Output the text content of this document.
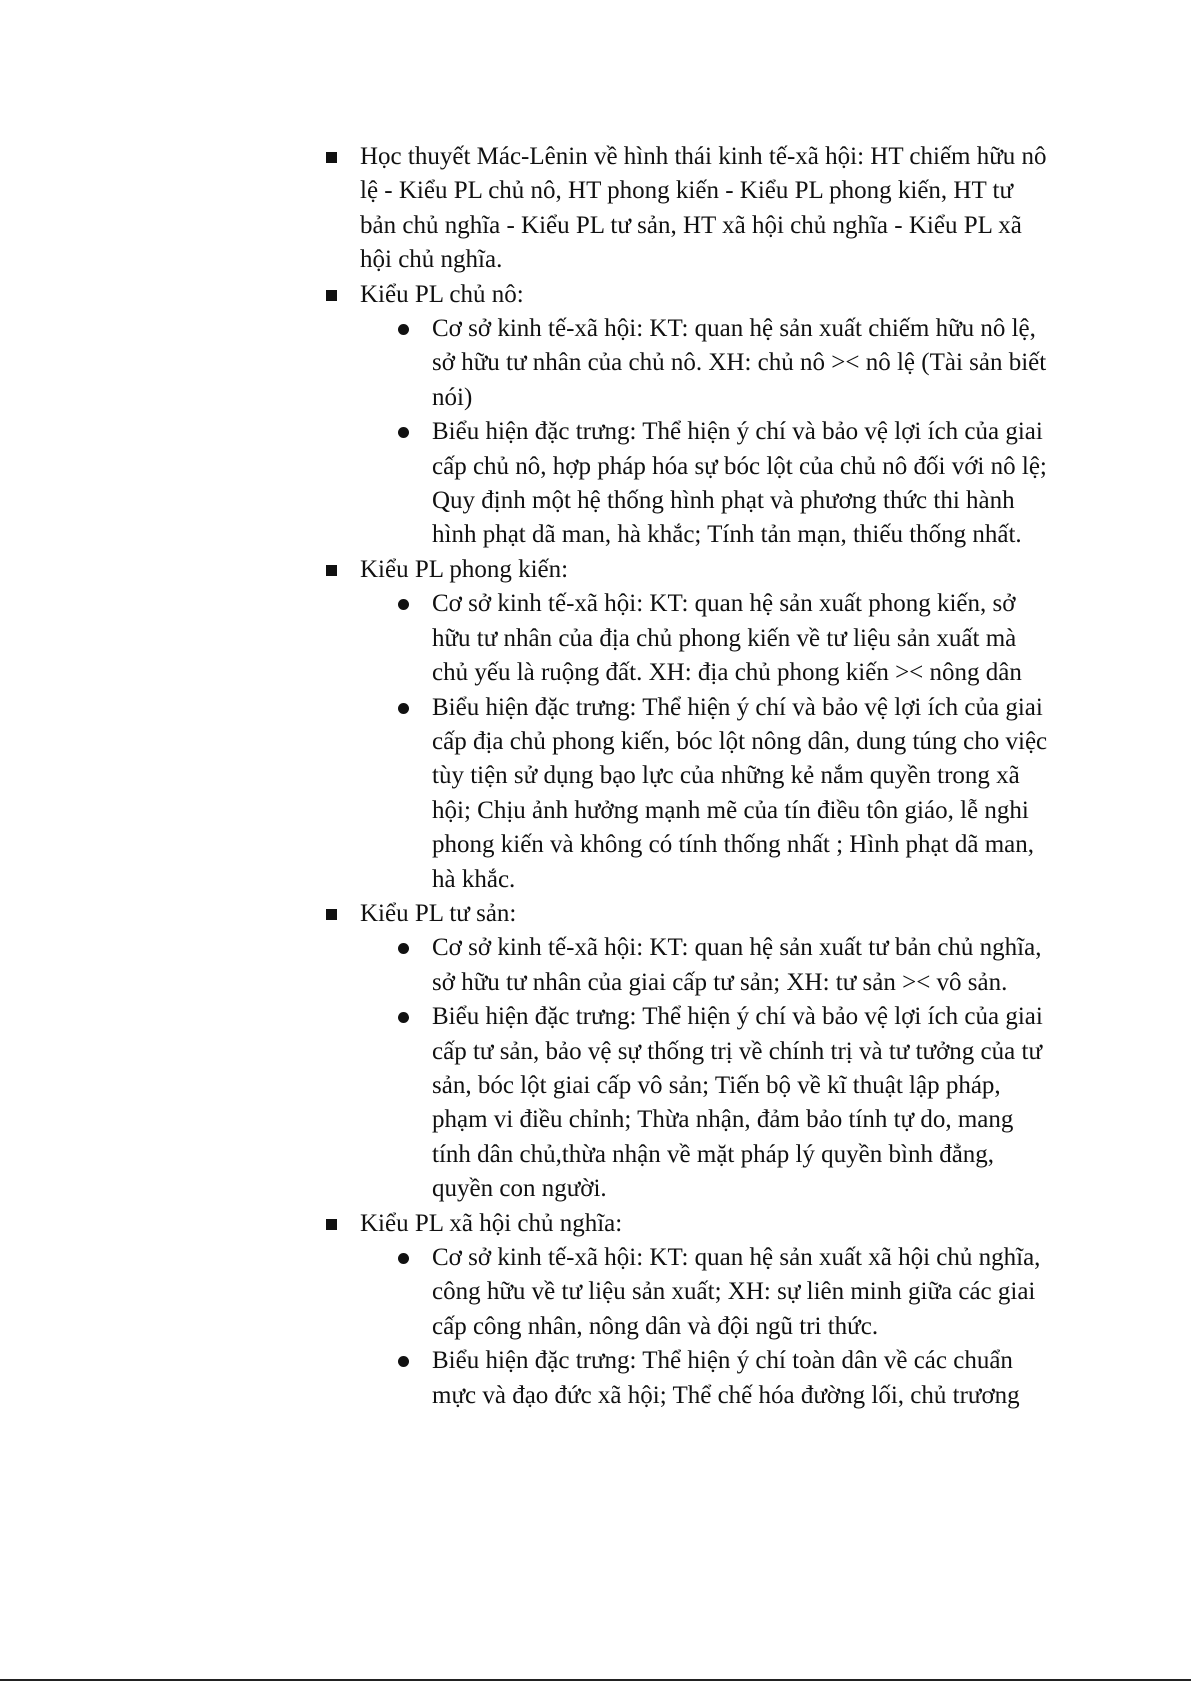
Học thuyết Mác-Lênin về hình thái kinh tế-xã hội: HT chiếm hữu nô lệ - Kiểu PL chủ nô, HT phong kiến - Kiểu PL phong kiến, HT tư bản chủ nghĩa - Kiểu PL tư sản, HT xã hội chủ nghĩa - Kiểu PL xã hội chủ nghĩa.
Kiểu PL chủ nô:
Cơ sở kinh tế-xã hội: KT: quan hệ sản xuất chiếm hữu nô lệ, sở hữu tư nhân của chủ nô. XH: chủ nô >< nô lệ (Tài sản biết nói)
Biểu hiện đặc trưng: Thể hiện ý chí và bảo vệ lợi ích của giai cấp chủ nô, hợp pháp hóa sự bóc lột của chủ nô đối với nô lệ; Quy định một hệ thống hình phạt và phương thức thi hành hình phạt dã man, hà khắc; Tính tản mạn, thiếu thống nhất.
Kiểu PL phong kiến:
Cơ sở kinh tế-xã hội: KT: quan hệ sản xuất phong kiến, sở hữu tư nhân của địa chủ phong kiến về tư liệu sản xuất mà chủ yếu là ruộng đất. XH: địa chủ phong kiến >< nông dân
Biểu hiện đặc trưng: Thể hiện ý chí và bảo vệ lợi ích của giai cấp địa chủ phong kiến, bóc lột nông dân, dung túng cho việc tùy tiện sử dụng bạo lực của những kẻ nắm quyền trong xã hội; Chịu ảnh hưởng mạnh mẽ của tín điều tôn giáo, lễ nghi phong kiến và không có tính thống nhất ; Hình phạt dã man, hà khắc.
Kiểu PL tư sản:
Cơ sở kinh tế-xã hội: KT: quan hệ sản xuất tư bản chủ nghĩa, sở hữu tư nhân của giai cấp tư sản; XH: tư sản >< vô sản.
Biểu hiện đặc trưng: Thể hiện ý chí và bảo vệ lợi ích của giai cấp tư sản, bảo vệ sự thống trị về chính trị và tư tưởng của tư sản, bóc lột giai cấp vô sản; Tiến bộ về kĩ thuật lập pháp, phạm vi điều chỉnh; Thừa nhận, đảm bảo tính tự do, mang tính dân chủ,thừa nhận về mặt pháp lý quyền bình đẳng, quyền con người.
Kiểu PL xã hội chủ nghĩa:
Cơ sở kinh tế-xã hội: KT: quan hệ sản xuất xã hội chủ nghĩa, công hữu về tư liệu sản xuất; XH: sự liên minh giữa các giai cấp công nhân, nông dân và đội ngũ tri thức.
Biểu hiện đặc trưng: Thể hiện ý chí toàn dân về các chuẩn mực và đạo đức xã hội; Thể chế hóa đường lối, chủ trương
